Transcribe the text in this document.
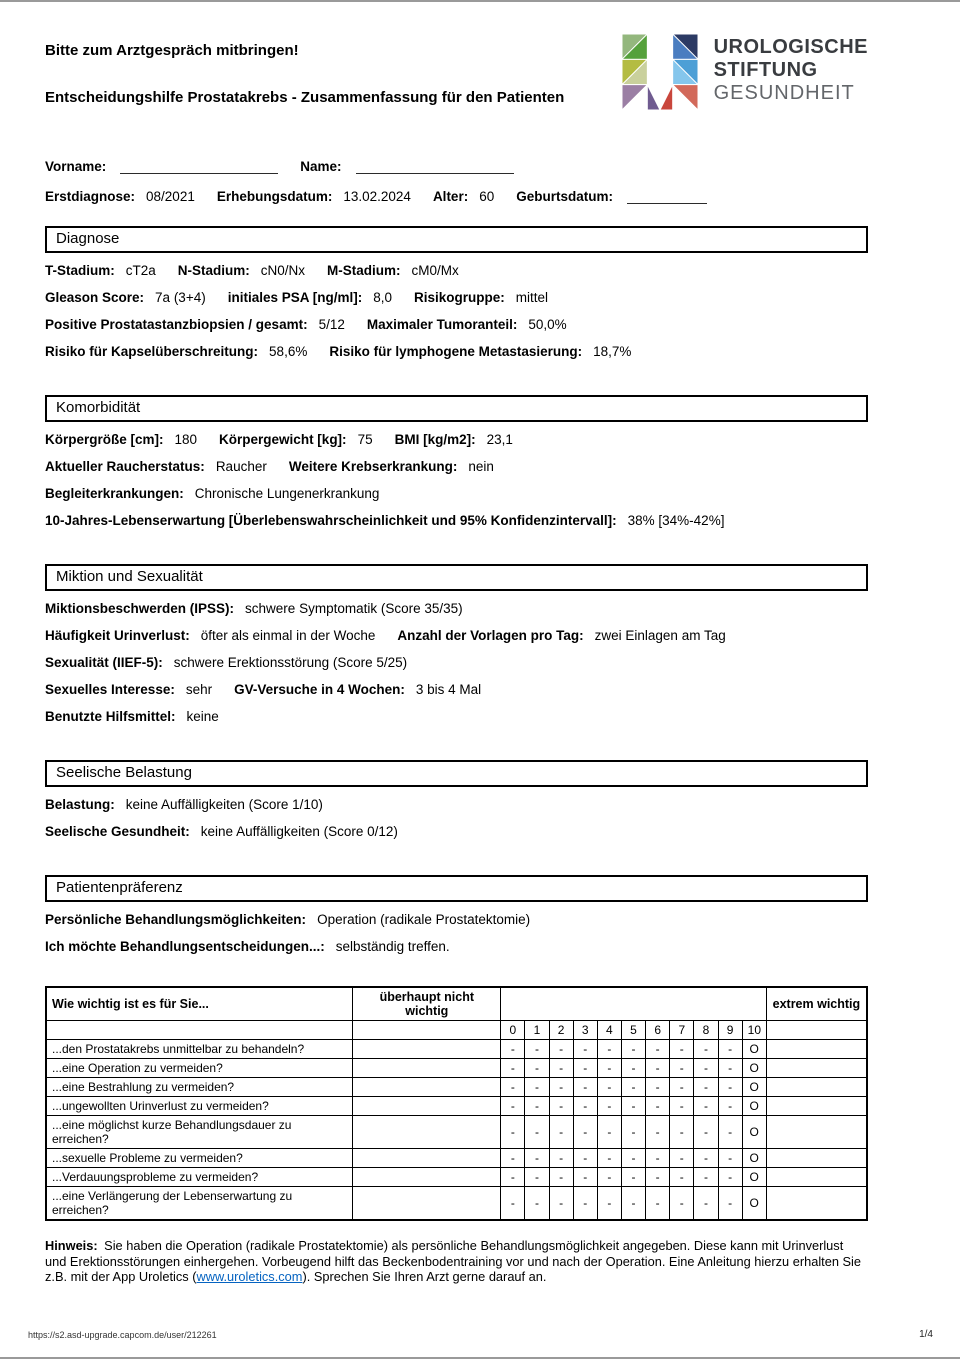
Bitte zum Arztgespräch mitbringen!
Entscheidungshilfe Prostatakrebs - Zusammenfassung für den Patienten
UROLOGISCHE
STIFTUNG
GESUNDHEIT
Vorname:	Name:
Erstdiagnose: 08/2021 Erhebungsdatum: 13.02.2024 Alter: 60 Geburtsdatum:
Diagnose
T-Stadium: cT2a N-Stadium: cN0/Nx M-Stadium: cM0/Mx
Gleason Score: 7a (3+4) initiales PSA [ng/ml]: 8,0 Risikogruppe: mittel
Positive Prostatastanzbiopsien / gesamt: 5/12 Maximaler Tumoranteil: 50,0%
Risiko für Kapselüberschreitung: 58,6% Risiko für lymphogene Metastasierung: 18,7%
Komorbidität
Körpergröße [cm]: 180 Körpergewicht [kg]: 75 BMI [kg/m2]: 23,1
Aktueller Raucherstatus: Raucher Weitere Krebserkrankung: nein
Begleiterkrankungen: Chronische Lungenerkrankung
10-Jahres-Lebenserwartung [Überlebenswahrscheinlichkeit und 95% Konfidenzintervall]: 38% [34%-42%]
Miktion und Sexualität
Miktionsbeschwerden (IPSS): schwere Symptomatik (Score 35/35)
Häufigkeit Urinverlust: öfter als einmal in der Woche Anzahl der Vorlagen pro Tag: zwei Einlagen am Tag
Sexualität (IIEF-5): schwere Erektionsstörung (Score 5/25)
Sexuelles Interesse: sehr GV-Versuche in 4 Wochen: 3 bis 4 Mal
Benutzte Hilfsmittel: keine
Seelische Belastung
Belastung: keine Auffälligkeiten (Score 1/10)
Seelische Gesundheit: keine Auffälligkeiten (Score 0/12)
Patientenpräferenz
Persönliche Behandlungsmöglichkeiten: Operation (radikale Prostatektomie)
Ich möchte Behandlungsentscheidungen...: selbständig treffen.
Wie wichtig ist es für Sie...	überhaupt nicht wichtig												extrem wichtig
		0	1	2	3	4	5	6	7	8	9	10	
...den Prostatakrebs unmittelbar zu behandeln?		-	-	-	-	-	-	-	-	-	-	O	
...eine Operation zu vermeiden?		-	-	-	-	-	-	-	-	-	-	O	
...eine Bestrahlung zu vermeiden?		-	-	-	-	-	-	-	-	-	-	O	
...ungewollten Urinverlust zu vermeiden?		-	-	-	-	-	-	-	-	-	-	O	
...eine möglichst kurze Behandlungsdauer zu erreichen?		-	-	-	-	-	-	-	-	-	-	O	
...sexuelle Probleme zu vermeiden?		-	-	-	-	-	-	-	-	-	-	O	
...Verdauungsprobleme zu vermeiden?		-	-	-	-	-	-	-	-	-	-	O	
...eine Verlängerung der Lebenserwartung zu erreichen?		-	-	-	-	-	-	-	-	-	-	O	
Hinweis: Sie haben die Operation (radikale Prostatektomie) als persönliche Behandlungsmöglichkeit angegeben. Diese kann mit Urinverlust und Erektionsstörungen einhergehen. Vorbeugend hilft das Beckenbodentraining vor und nach der Operation. Eine Anleitung hierzu erhalten Sie z.B. mit der App Uroletics (www.uroletics.com). Sprechen Sie Ihren Arzt gerne darauf an.
https://s2.asd-upgrade.capcom.de/user/212261	1/4
